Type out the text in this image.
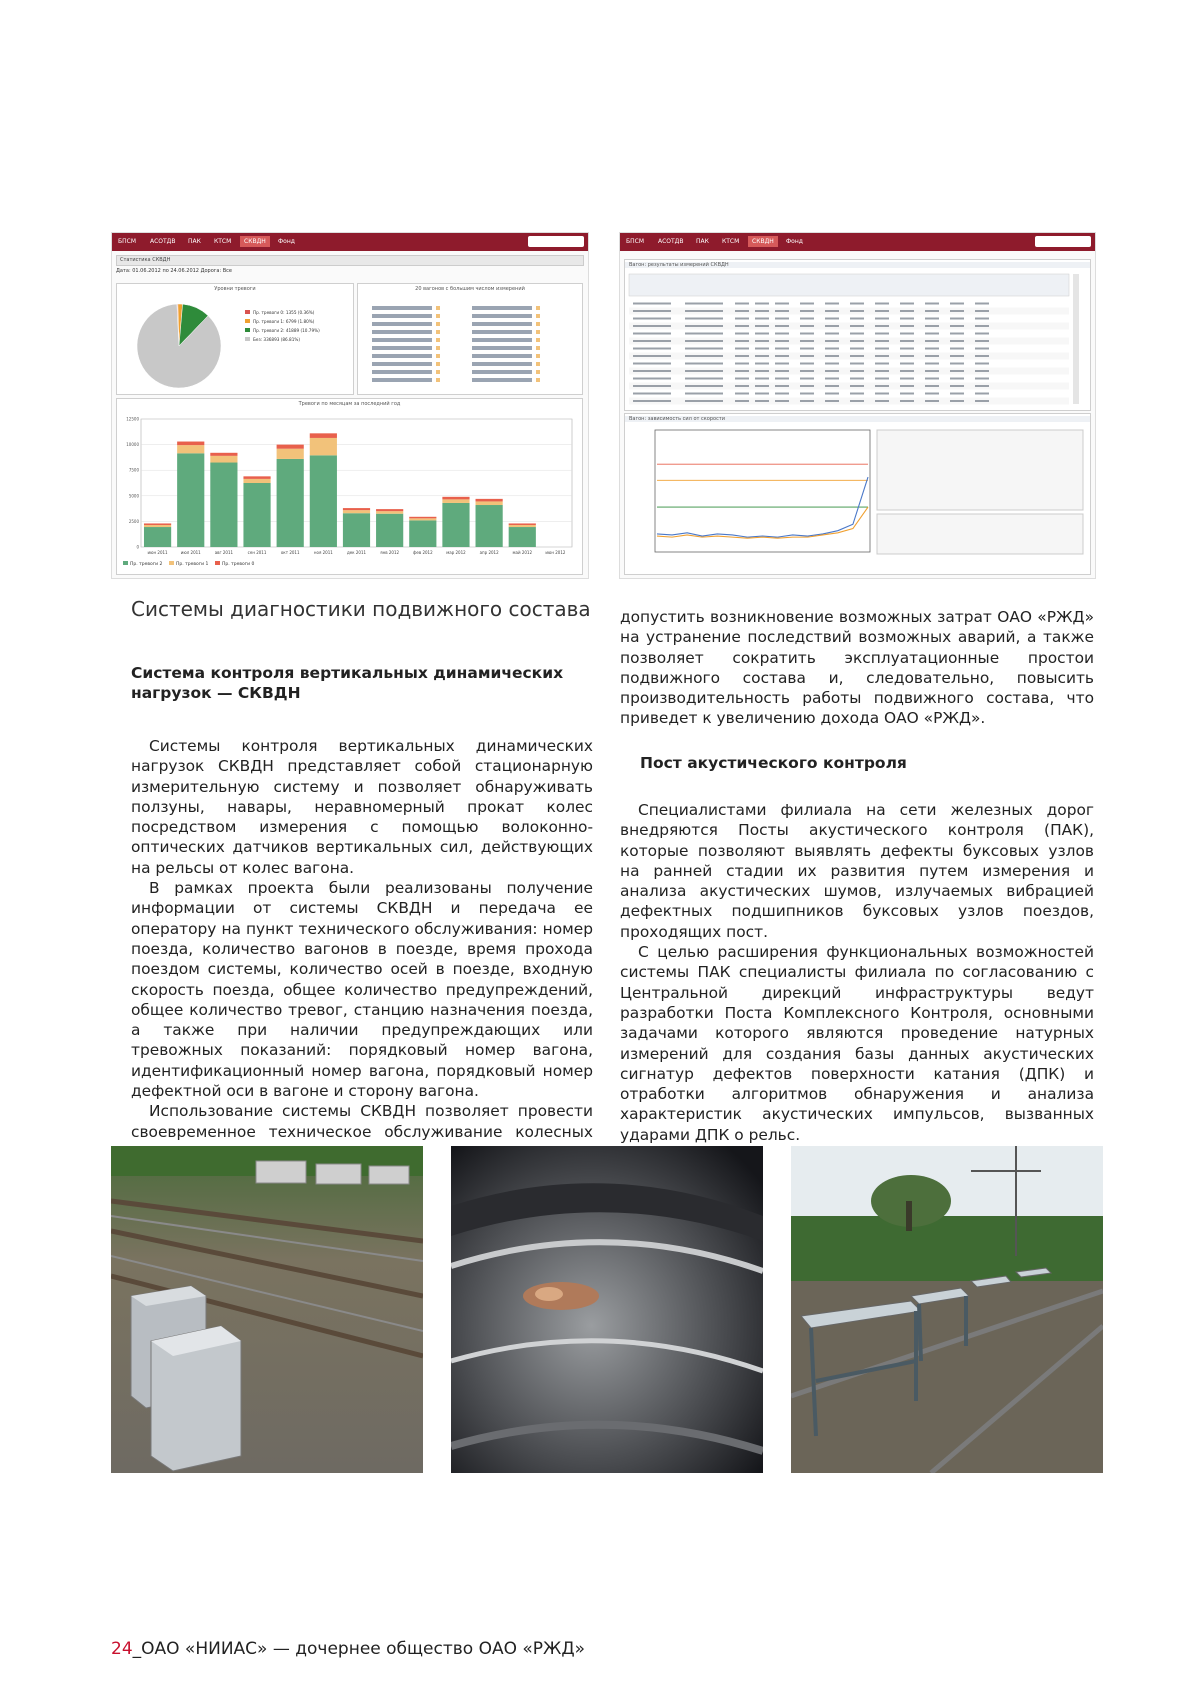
БПСМ	АСОТДВ	ПАК	КТСМ	СКВДН	Фонд
Статистика СКВДН
Дата: 01.06.2012 по 24.06.2012 Дорога: Все
Уровни тревоги
Пр. тревоги 0: 1355 (0.36%)
Пр. тревоги 1: 6799 (1.80%)
Пр. тревоги 2: 41889 (10.79%)
Без: 336893 (86.81%)
20 вагонов с большим числом измерений
Тревоги по месяцам за последний год
0
2500
5000
7500
10000
12500
июн 2011	июл 2011	авг 2011	сен 2011	окт 2011	ноя 2011	дек 2011	янв 2012	фев 2012	мар 2012	апр 2012	май 2012	июн 2012
Пр. тревоги 2	Пр. тревоги 1	Пр. тревоги 0
БПСМ	АСОТДВ	ПАК	КТСМ	СКВДН	Фонд
Вагон: результаты измерений СКВДН
Вагон: зависимость сил от скорости
Системы диагностики подвижного состава
Система контроля вертикальных динамических
нагрузок — СКВДН

Системы контроля вертикальных динамических нагрузок СКВДН представляет собой стационарную измерительную систему и позволяет обнаруживать ползуны, навары, неравномерный прокат колес посредством измерения с помощью волоконно-оптических датчиков вертикальных сил, действующих на рельсы от колес вагона.

В рамках проекта были реализованы получение информации от системы СКВДН и передача ее оператору на пункт технического обслуживания: номер поезда, количество вагонов в поезде, время прохода поездом системы, количество осей в поезде, входную скорость поезда, общее количество предупреждений, общее количество тревог, станцию назначения поезда, а также при наличии предупреждающих или тревожных показаний: порядковый номер вагона, идентификационный номер вагона, порядковый номер дефектной оси в вагоне и сторону вагона.

Использование системы СКВДН позволяет провести своевременное техническое обслуживание колесных

допустить возникновение возможных затрат ОАО «РЖД» на устранение последствий возможных аварий, а также позволяет сократить эксплуатационные простои подвижного состава и, следовательно, повысить производительность работы подвижного состава, что приведет к увеличению дохода ОАО «РЖД».

Пост акустического контроля

Специалистами филиала на сети железных дорог внедряются Посты акустического контроля (ПАК), которые позволяют выявлять дефекты буксовых узлов на ранней стадии их развития путем измерения и анализа акустических шумов, излучаемых вибрацией дефектных подшипников буксовых узлов поездов, проходящих пост.

С целью расширения функциональных возможностей системы ПАК специалисты филиала по согласованию с Центральной дирекций инфраструктуры ведут разработки Поста Комплексного Контроля, основными задачами которого являются проведение натурных измерений для создания базы данных акустических сигнатур дефектов поверхности катания (ДПК) и отработки алгоритмов обнаружения и анализа характеристик акустических импульсов, вызванных ударами ДПК о рельс.

24_ОАО «НИИАС» — дочернее общество ОАО «РЖД»
